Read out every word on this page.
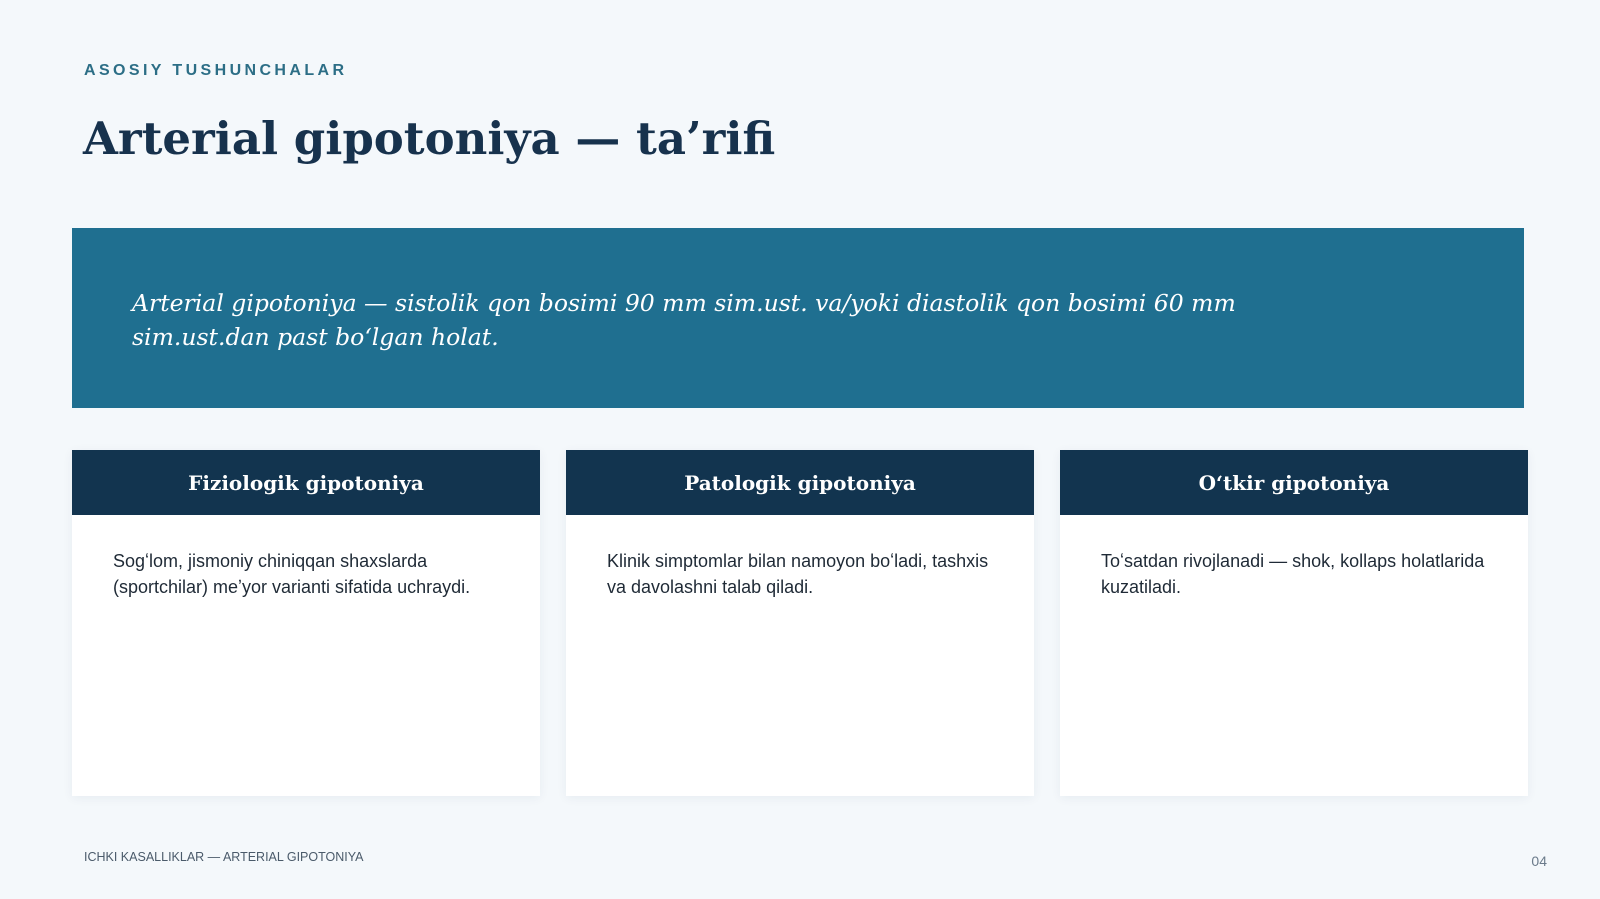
ASOSIY TUSHUNCHALAR
Arterial gipotoniya — ta’rifi

Arterial gipotoniya — sistolik qon bosimi 90 mm sim.ust. va/yoki diastolik qon bosimi 60 mm sim.ust.dan past boʻlgan holat.

Fiziologik gipotoniya
Sogʻlom, jismoniy chiniqqan shaxslarda (sportchilar) meʼyor varianti sifatida uchraydi.
Patologik gipotoniya
Klinik simptomlar bilan namoyon boʻladi, tashxis va davolashni talab qiladi.
Oʻtkir gipotoniya
Toʻsatdan rivojlanadi — shok, kollaps holatlarida kuzatiladi.
ICHKI KASALLIKLAR — ARTERIAL GIPOTONIYA	04
